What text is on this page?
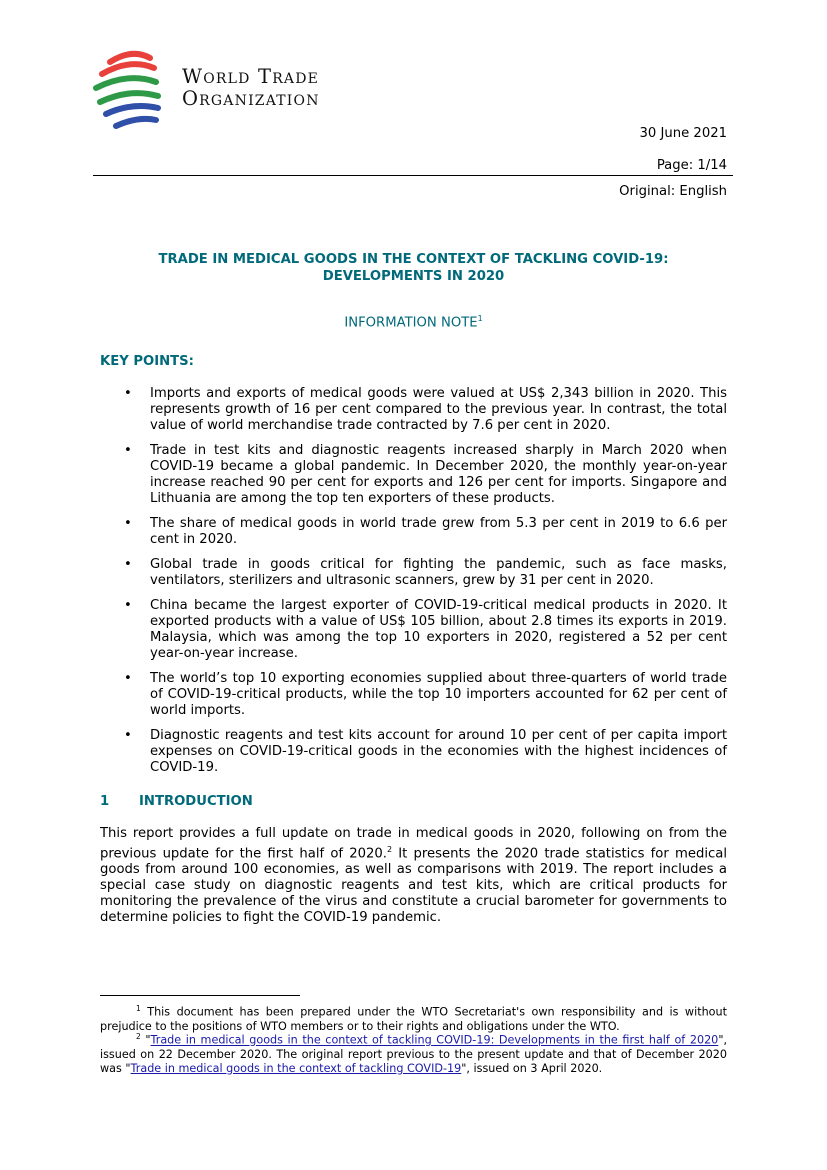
World Trade
Organization
30 June 2021
Page: 1/14
Original: English
TRADE IN MEDICAL GOODS IN THE CONTEXT OF TACKLING COVID-19:
DEVELOPMENTS IN 2020
INFORMATION NOTE$^1$
KEY POINTS:
• Imports and exports of medical goods were valued at US$ 2,343 billion in 2020. This represents growth of 16 per cent compared to the previous year. In contrast, the total value of world merchandise trade contracted by 7.6 per cent in 2020.
• Trade in test kits and diagnostic reagents increased sharply in March 2020 when COVID-19 became a global pandemic. In December 2020, the monthly year-on-year increase reached 90 per cent for exports and 126 per cent for imports. Singapore and Lithuania are among the top ten exporters of these products.
• The share of medical goods in world trade grew from 5.3 per cent in 2019 to 6.6 per cent in 2020.
• Global trade in goods critical for fighting the pandemic, such as face masks, ventilators, sterilizers and ultrasonic scanners, grew by 31 per cent in 2020.
• China became the largest exporter of COVID-19-critical medical products in 2020. It exported products with a value of US$ 105 billion, about 2.8 times its exports in 2019. Malaysia, which was among the top 10 exporters in 2020, registered a 52 per cent year-on-year increase.
• The world’s top 10 exporting economies supplied about three-quarters of world trade of COVID-19-critical products, while the top 10 importers accounted for 62 per cent of world imports.
• Diagnostic reagents and test kits account for around 10 per cent of per capita import expenses on COVID-19-critical goods in the economies with the highest incidences of COVID-19.
1 INTRODUCTION
This report provides a full update on trade in medical goods in 2020, following on from the previous update for the first half of 2020.$^2$ It presents the 2020 trade statistics for medical goods from around 100 economies, as well as comparisons with 2019. The report includes a special case study on diagnostic reagents and test kits, which are critical products for monitoring the prevalence of the virus and constitute a crucial barometer for governments to determine policies to fight the COVID-19 pandemic.
$^1$ This document has been prepared under the WTO Secretariat's own responsibility and is without prejudice to the positions of WTO members or to their rights and obligations under the WTO.
$^2$ "Trade in medical goods in the context of tackling COVID-19: Developments in the first half of 2020", issued on 22 December 2020. The original report previous to the present update and that of December 2020 was "Trade in medical goods in the context of tackling COVID-19", issued on 3 April 2020.
